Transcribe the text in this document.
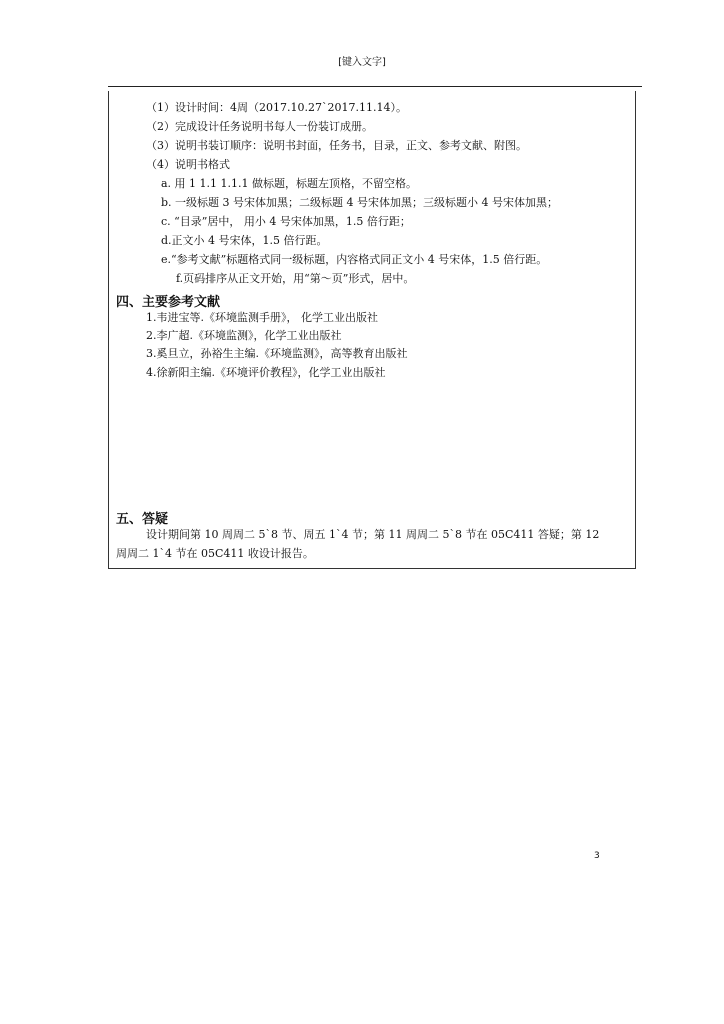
[键入文字]
（1）设计时间：4周（2017.10.27`2017.11.14）。
（2）完成设计任务说明书每人一份装订成册。
（3）说明书装订顺序：说明书封面，任务书，目录，正文、参考文献、附图。
（4）说明书格式
a. 用 1 1.1 1.1.1 做标题，标题左顶格，不留空格。
b. 一级标题 3 号宋体加黑；二级标题 4 号宋体加黑；三级标题小 4 号宋体加黑；
c. “目录”居中， 用小 4 号宋体加黑，1.5 倍行距；
d.正文小 4 号宋体，1.5 倍行距。
e.“参考文献”标题格式同一级标题，内容格式同正文小 4 号宋体，1.5 倍行距。
f.页码排序从正文开始，用“第～页”形式，居中。
四、主要参考文献
1.韦进宝等.《环境监测手册》， 化学工业出版社
2.李广超.《环境监测》，化学工业出版社
3.奚旦立，孙裕生主编.《环境监测》，高等教育出版社
4.徐新阳主编.《环境评价教程》，化学工业出版社
五、答疑
设计期间第 10 周周二 5`8 节、周五 1`4 节；第 11 周周二 5`8 节在 05C411 答疑；第 12
周周二 1`4 节在 05C411 收设计报告。
3
